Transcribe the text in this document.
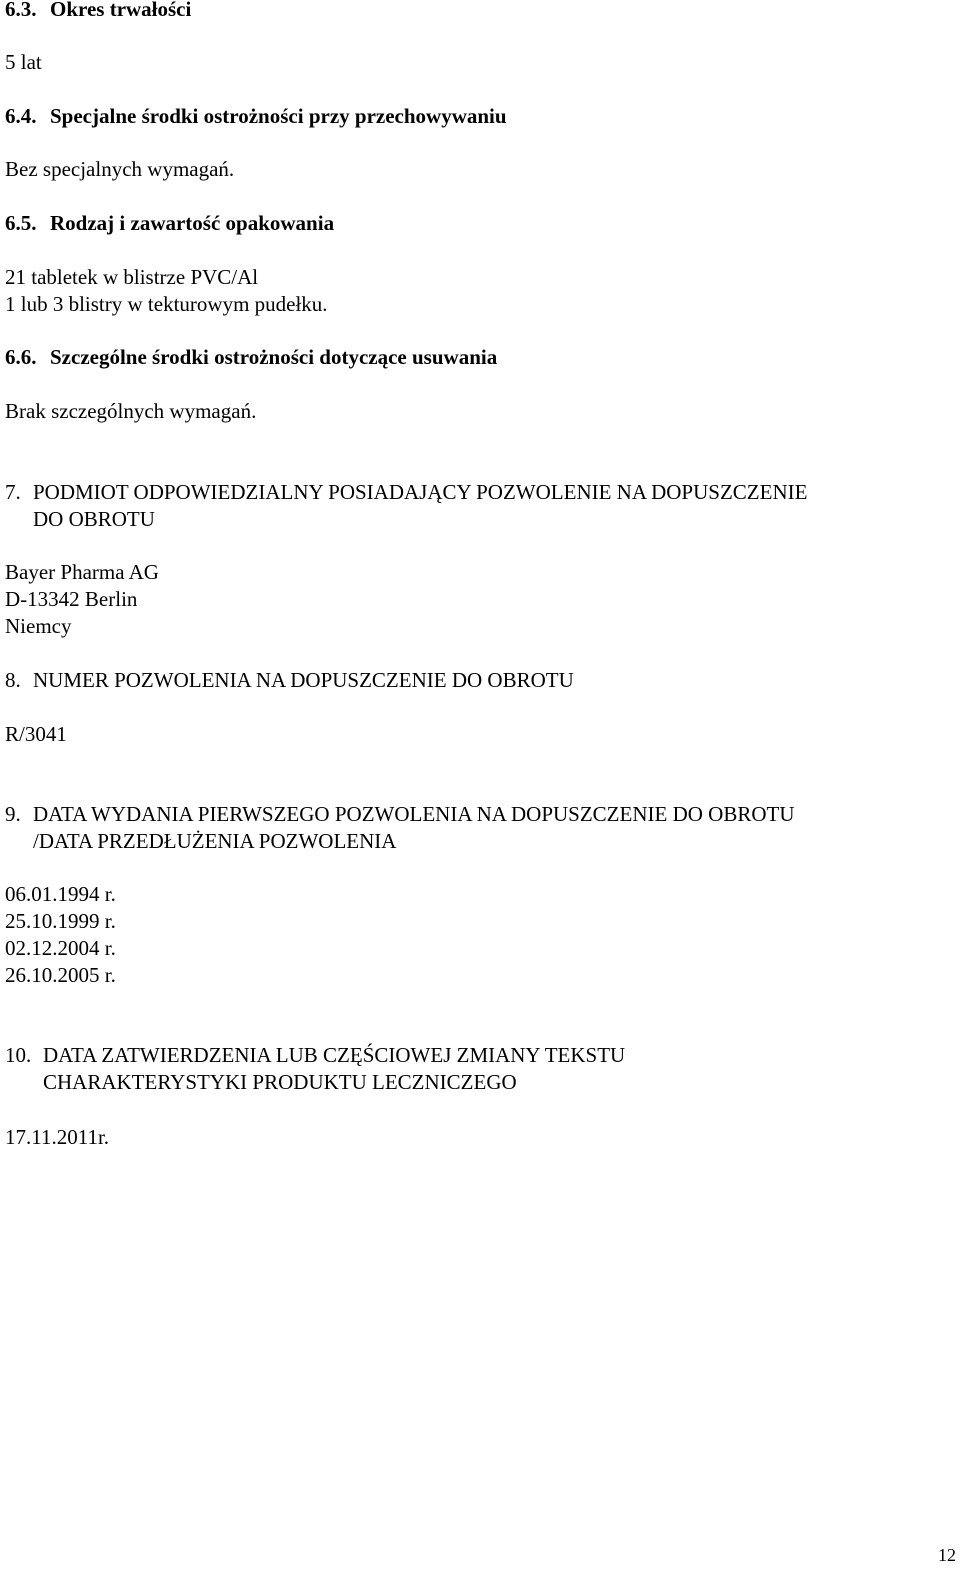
6.3. Okres trwałości
5 lat
6.4. Specjalne środki ostrożności przy przechowywaniu
Bez specjalnych wymagań.
6.5. Rodzaj i zawartość opakowania
21 tabletek w blistrze PVC/Al
1 lub 3 blistry w tekturowym pudełku.
6.6. Szczególne środki ostrożności dotyczące usuwania
Brak szczególnych wymagań.
7. PODMIOT ODPOWIEDZIALNY POSIADAJĄCY POZWOLENIE NA DOPUSZCZENIE
DO OBROTU
Bayer Pharma AG
D-13342 Berlin
Niemcy
8. NUMER POZWOLENIA NA DOPUSZCZENIE DO OBROTU
R/3041
9. DATA WYDANIA PIERWSZEGO POZWOLENIA NA DOPUSZCZENIE DO OBROTU
/DATA PRZEDŁUŻENIA POZWOLENIA
06.01.1994 r.
25.10.1999 r.
02.12.2004 r.
26.10.2005 r.
10. DATA ZATWIERDZENIA LUB CZĘŚCIOWEJ ZMIANY TEKSTU
CHARAKTERYSTYKI PRODUKTU LECZNICZEGO
17.11.2011r.
12
